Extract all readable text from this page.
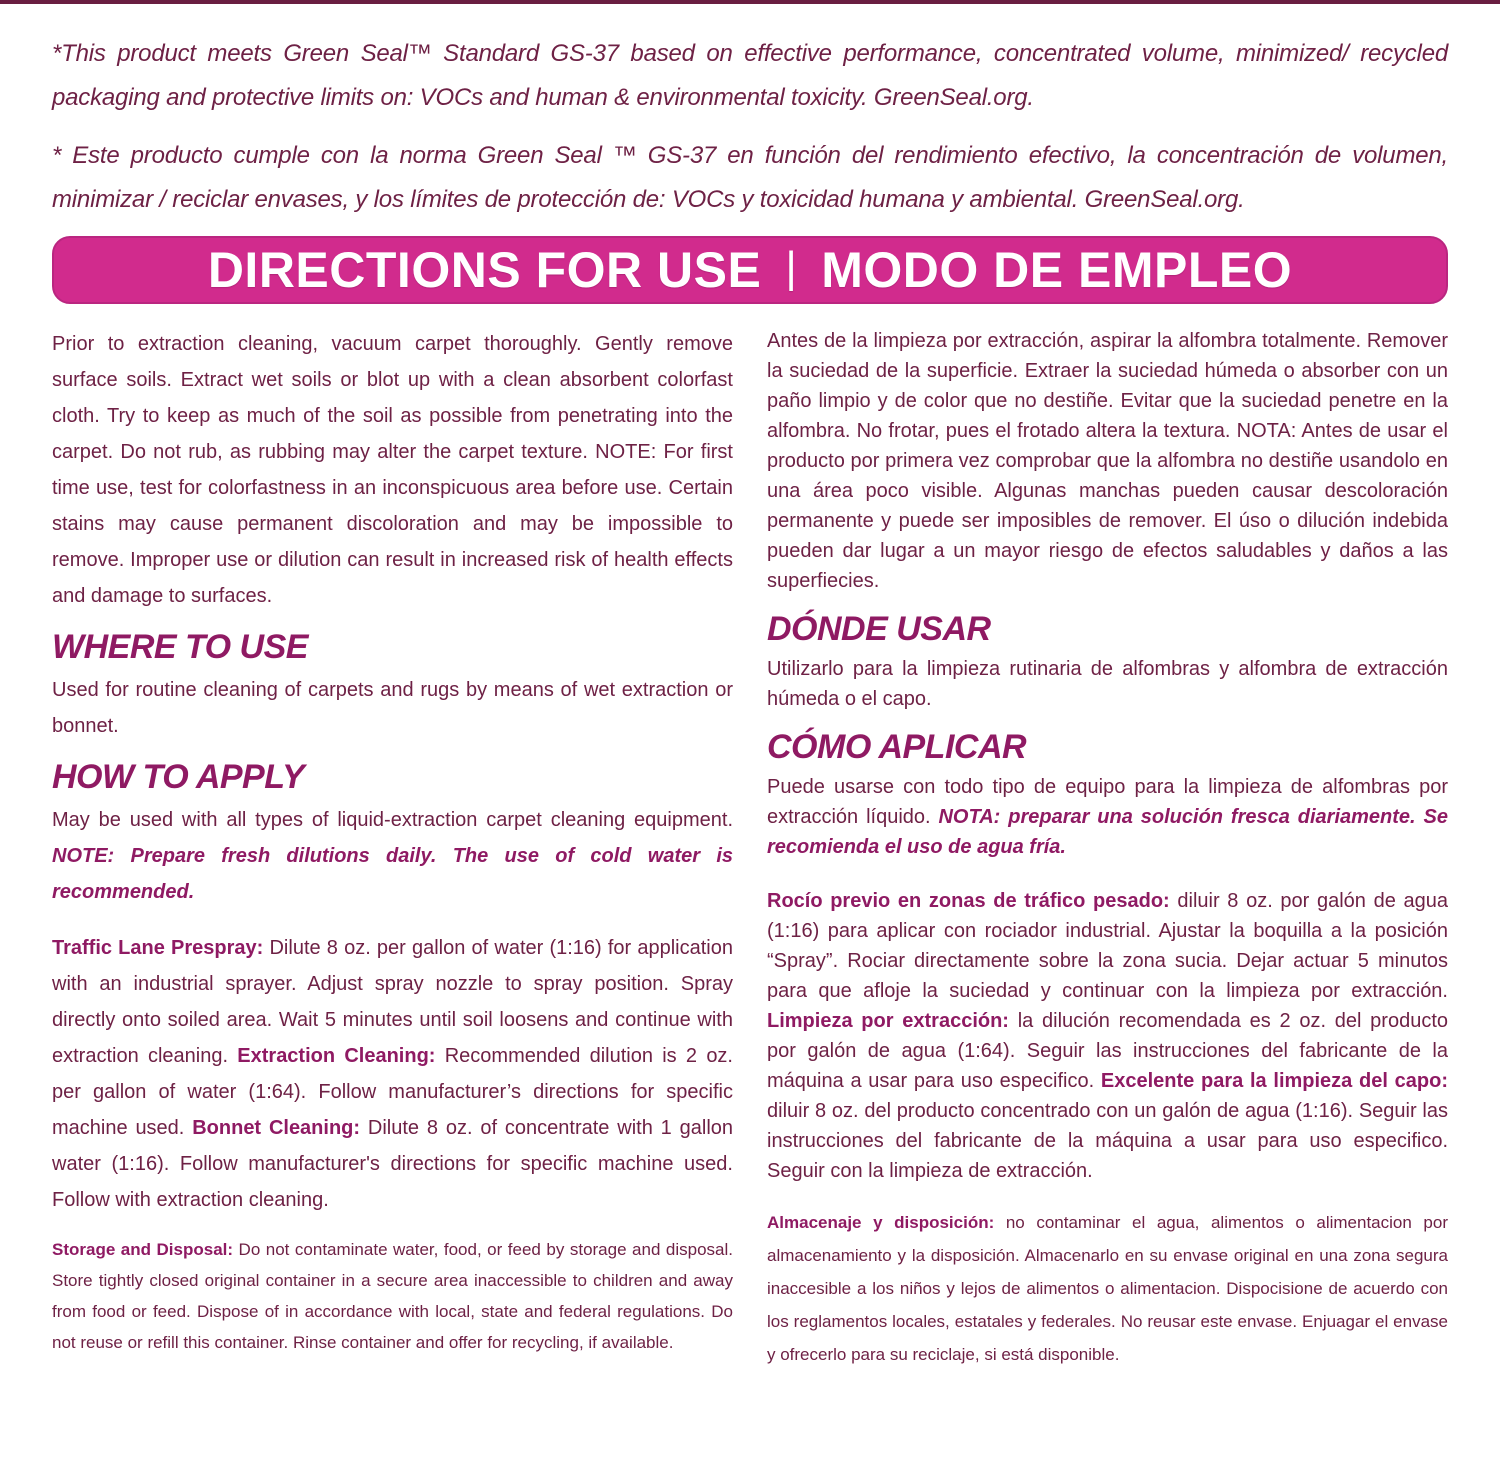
*This product meets Green Seal™ Standard GS-37 based on effective performance, concentrated volume, minimized/ recycled packaging and protective limits on: VOCs and human & environmental toxicity. GreenSeal.org.

* Este producto cumple con la norma Green Seal ™ GS-37 en función del rendimiento efectivo, la concentración de volumen, minimizar / reciclar envases, y los límites de protección de: VOCs y toxicidad humana y ambiental. GreenSeal.org.

DIRECTIONS FOR USE | MODO DE EMPLEO

Prior to extraction cleaning, vacuum carpet thoroughly. Gently remove surface soils. Extract wet soils or blot up with a clean absorbent colorfast cloth. Try to keep as much of the soil as possible from penetrating into the carpet. Do not rub, as rubbing may alter the carpet texture. NOTE: For first time use, test for colorfastness in an inconspicuous area before use. Certain stains may cause permanent discoloration and may be impossible to remove. Improper use or dilution can result in increased risk of health effects and damage to surfaces.

WHERE TO USE

Used for routine cleaning of carpets and rugs by means of wet extraction or bonnet.

HOW TO APPLY

May be used with all types of liquid-extraction carpet cleaning equipment. NOTE: Prepare fresh dilutions daily. The use of cold water is recommended.

Traffic Lane Prespray: Dilute 8 oz. per gallon of water (1:16) for application with an industrial sprayer. Adjust spray nozzle to spray position. Spray directly onto soiled area. Wait 5 minutes until soil loosens and continue with extraction cleaning. Extraction Cleaning: Recommended dilution is 2 oz. per gallon of water (1:64). Follow manufacturer’s directions for specific machine used. Bonnet Cleaning: Dilute 8 oz. of concentrate with 1 gallon water (1:16). Follow manufacturer's directions for specific machine used. Follow with extraction cleaning.

Storage and Disposal: Do not contaminate water, food, or feed by storage and disposal. Store tightly closed original container in a secure area inaccessible to children and away from food or feed. Dispose of in accordance with local, state and federal regulations. Do not reuse or refill this container. Rinse container and offer for recycling, if available.

Antes de la limpieza por extracción, aspirar la alfombra totalmente. Remover la suciedad de la superficie. Extraer la suciedad húmeda o absorber con un paño limpio y de color que no destiñe. Evitar que la suciedad penetre en la alfombra. No frotar, pues el frotado altera la textura. NOTA: Antes de usar el producto por primera vez comprobar que la alfombra no destiñe usandolo en una área poco visible. Algunas manchas pueden causar descoloración permanente y puede ser imposibles de remover. El úso o dilución indebida pueden dar lugar a un mayor riesgo de efectos saludables y daños a las superfiecies.

DÓNDE USAR

Utilizarlo para la limpieza rutinaria de alfombras y alfombra de extracción húmeda o el capo.

CÓMO APLICAR

Puede usarse con todo tipo de equipo para la limpieza de alfombras por extracción líquido. NOTA: preparar una solución fresca diariamente. Se recomienda el uso de agua fría.

Rocío previo en zonas de tráfico pesado: diluir 8 oz. por galón de agua (1:16) para aplicar con rociador industrial. Ajustar la boquilla a la posición “Spray”. Rociar directamente sobre la zona sucia. Dejar actuar 5 minutos para que afloje la suciedad y continuar con la limpieza por extracción. Limpieza por extracción: la dilución recomendada es 2 oz. del producto por galón de agua (1:64). Seguir las instrucciones del fabricante de la máquina a usar para uso especifico. Excelente para la limpieza del capo: diluir 8 oz. del producto concentrado con un galón de agua (1:16). Seguir las instrucciones del fabricante de la máquina a usar para uso especifico. Seguir con la limpieza de extracción.

Almacenaje y disposición: no contaminar el agua, alimentos o alimentacion por almacenamiento y la disposición. Almacenarlo en su envase original en una zona segura inaccesible a los niños y lejos de alimentos o alimentacion. Dispocisione de acuerdo con los reglamentos locales, estatales y federales. No reusar este envase. Enjuagar el envase y ofrecerlo para su reciclaje, si está disponible.
